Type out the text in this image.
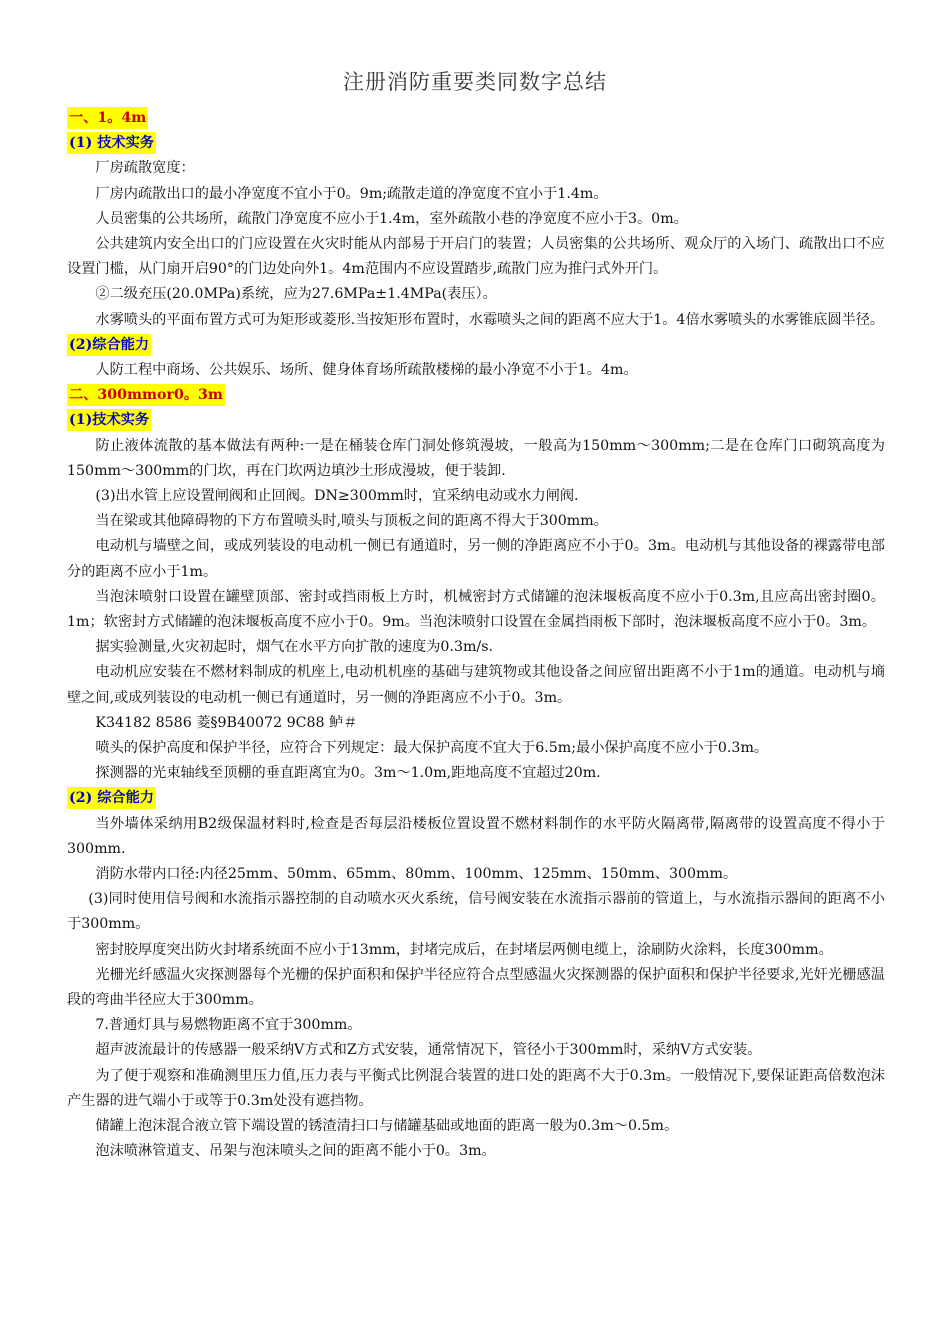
注册消防重要类同数字总结
一、1。4m
(1) 技术实务

厂房疏散宽度：

厂房内疏散出口的最小净宽度不宜小于0。9m;疏散走道的净宽度不宜小于1.4m。

人员密集的公共场所，疏散门净宽度不应小于1.4m，室外疏散小巷的净宽度不应小于3。0m。

公共建筑内安全出口的门应设置在火灾时能从内部易于开启门的装置；人员密集的公共场所、观众厅的入场门、疏散出口不应设置门槛，从门扇开启90°的门边处向外1。4m范围内不应设置踏步,疏散门应为推闩式外开门。

②二级充压(20.0MPa)系统，应为27.6MPa±1.4MPa(表压）。

水雾喷头的平面布置方式可为矩形或菱形.当按矩形布置时，水霉喷头之间的距离不应大于1。4倍水雾喷头的水雾锥底圆半径。

(2)综合能力

人防工程中商场、公共娱乐、场所、健身体育场所疏散楼梯的最小净宽不小于1。4m。

二、300mmor0。3m
(1)技术实务

防止液体流散的基本做法有两种:一是在桶装仓库门洞处修筑漫坡，一般高为150mm～300mm;二是在仓库门口砌筑高度为150mm～300mm的门坎，再在门坎两边填沙土形成漫坡，便于装卸.

(3)出水管上应设置闸阀和止回阀。DN≥300mm时，宜采纳电动或水力闸阀.

当在梁或其他障碍物的下方布置喷头时,喷头与顶板之间的距离不得大于300mm。

电动机与墙壁之间，或成列装设的电动机一侧已有通道时，另一侧的净距离应不小于0。3m。电动机与其他设备的裸露带电部分的距离不应小于1m。

当泡沫喷射口设置在罐壁顶部、密封或挡雨板上方时，机械密封方式储罐的泡沫堰板高度不应小于0.3m,且应高出密封圈0。1m；软密封方式储罐的泡沫堰板高度不应小于0。9m。当泡沫喷射口设置在金属挡雨板下部时，泡沫堰板高度不应小于0。3m。

据实验测量,火灾初起时，烟气在水平方向扩散的速度为0.3m/s.

电动机应安装在不燃材料制成的机座上,电动机机座的基础与建筑物或其他设备之间应留出距离不小于1m的通道。电动机与墒壁之间,或成列装设的电动机一侧已有通道时，另一侧的净距离应不小于0。3m。

K34182 8586 菱§9B40072 9C88 鲈＃

喷头的保护高度和保护半径，应符合下列规定：最大保护高度不宜大于6.5m;最小保护高度不应小于0.3m。

探测器的光束轴线至顶棚的垂直距离宜为0。3m～1.0m,距地高度不宜超过20m.

(2) 综合能力

当外墙体采纳用B2级保温材料时,检查是否每层沿楼板位置设置不燃材料制作的水平防火隔离带,隔离带的设置高度不得小于300mm.

消防水带内口径:内径25mm、50mm、65mm、80mm、100mm、125mm、150mm、300mm。

(3)同时使用信号阀和水流指示器控制的自动喷水灭火系统，信号阀安装在水流指示器前的管道上，与水流指示器间的距离不小于300mm。

密封胶厚度突出防火封堵系统面不应小于13mm，封堵完成后，在封堵层两侧电缆上，涂刷防火涂料，长度300mm。

光栅光纤感温火灾探测器每个光栅的保护面积和保护半径应符合点型感温火灾探测器的保护面积和保护半径要求,光奸光栅感温段的弯曲半径应大于300mm。

7.普通灯具与易燃物距离不宜于300mm。

超声波流最计的传感器一般采纳V方式和Z方式安装，通常情况下，管径小于300mm时，采纳V方式安装。

为了便于观察和准确测里压力值,压力表与平衡式比例混合装置的进口处的距离不大于0.3m。一般情况下,要保证距高倍数泡沫产生器的进气端小于或等于0.3m处没有遮挡物。

储罐上泡沫混合液立管下端设置的锈渣清扫口与储罐基础或地面的距离一般为0.3m～0.5m。

泡沫喷淋管道支、吊架与泡沫喷头之间的距离不能小于0。3m。
